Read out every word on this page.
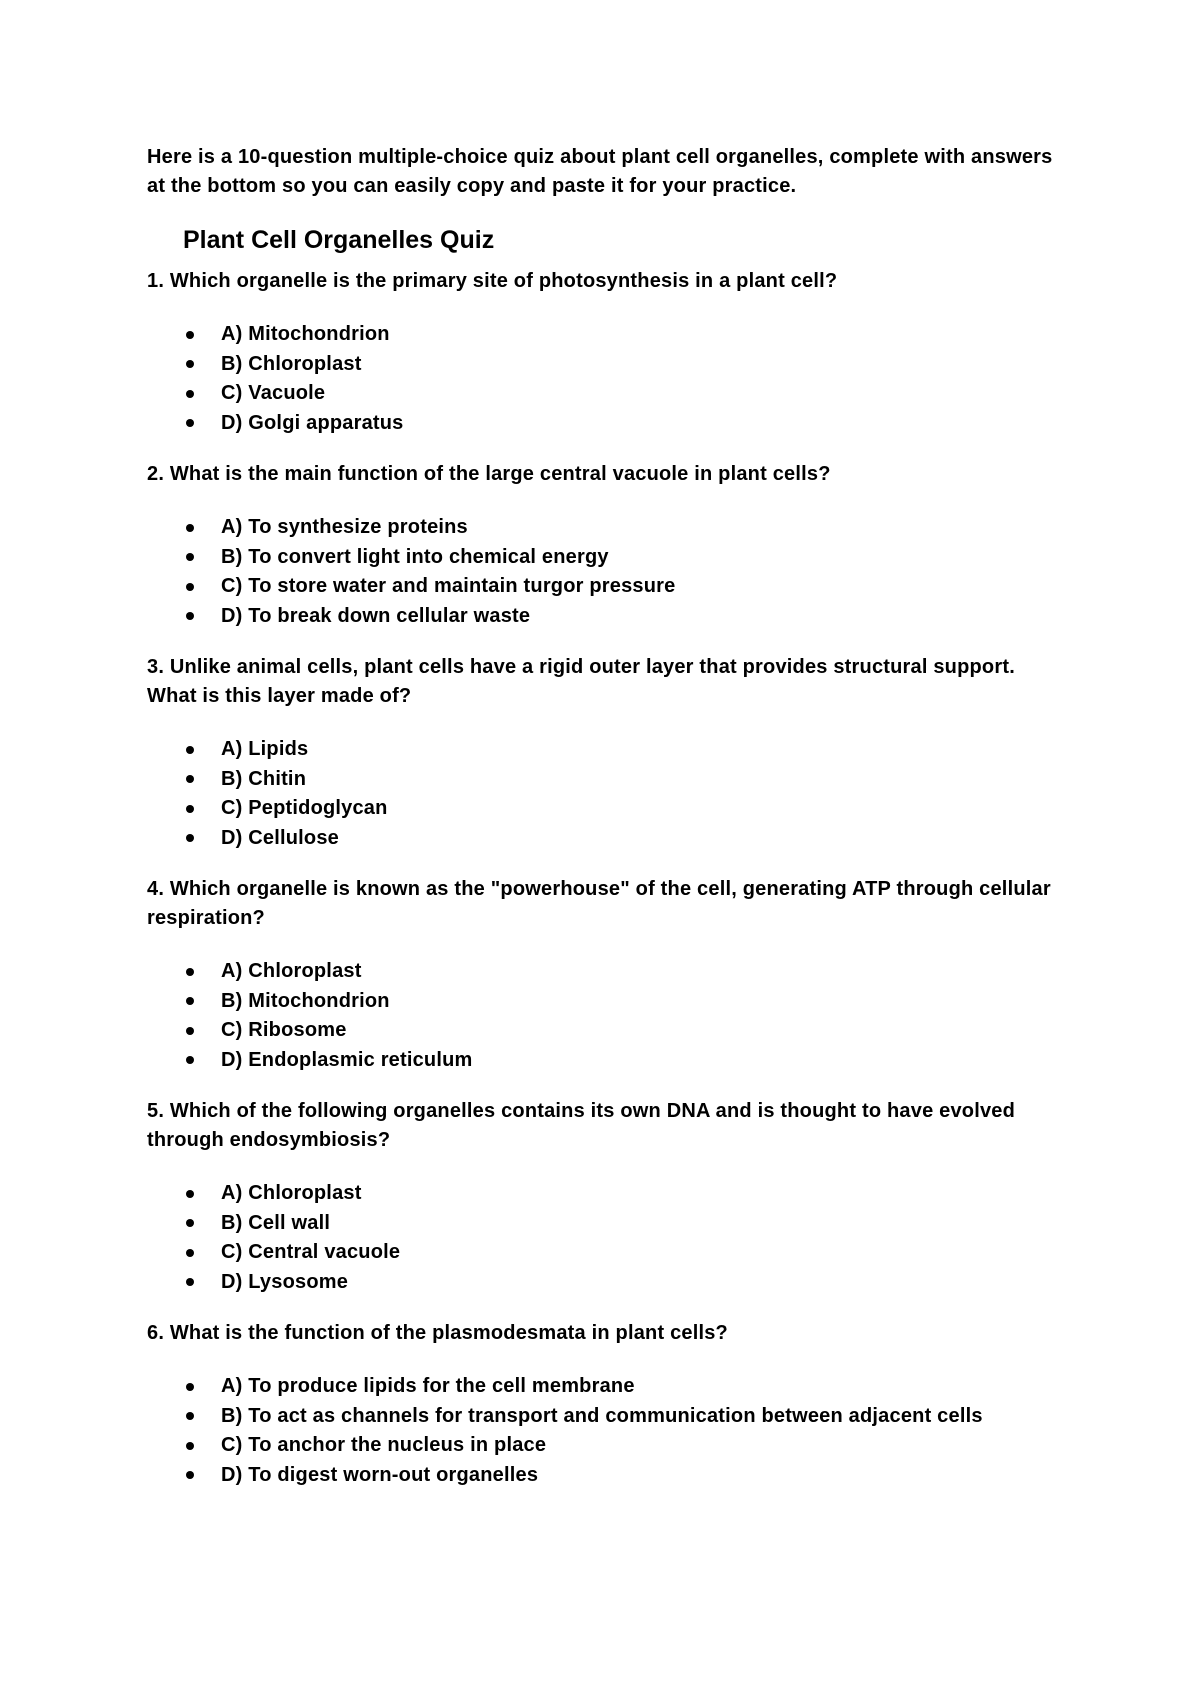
Here is a 10-question multiple-choice quiz about plant cell organelles, complete with answers at the bottom so you can easily copy and paste it for your practice.

Plant Cell Organelles Quiz

1. Which organelle is the primary site of photosynthesis in a plant cell?

A) Mitochondrion
B) Chloroplast
C) Vacuole
D) Golgi apparatus

2. What is the main function of the large central vacuole in plant cells?

A) To synthesize proteins
B) To convert light into chemical energy
C) To store water and maintain turgor pressure
D) To break down cellular waste

3. Unlike animal cells, plant cells have a rigid outer layer that provides structural support. What is this layer made of?

A) Lipids
B) Chitin
C) Peptidoglycan
D) Cellulose

4. Which organelle is known as the "powerhouse" of the cell, generating ATP through cellular respiration?

A) Chloroplast
B) Mitochondrion
C) Ribosome
D) Endoplasmic reticulum

5. Which of the following organelles contains its own DNA and is thought to have evolved through endosymbiosis?

A) Chloroplast
B) Cell wall
C) Central vacuole
D) Lysosome

6. What is the function of the plasmodesmata in plant cells?

A) To produce lipids for the cell membrane
B) To act as channels for transport and communication between adjacent cells
C) To anchor the nucleus in place
D) To digest worn-out organelles
